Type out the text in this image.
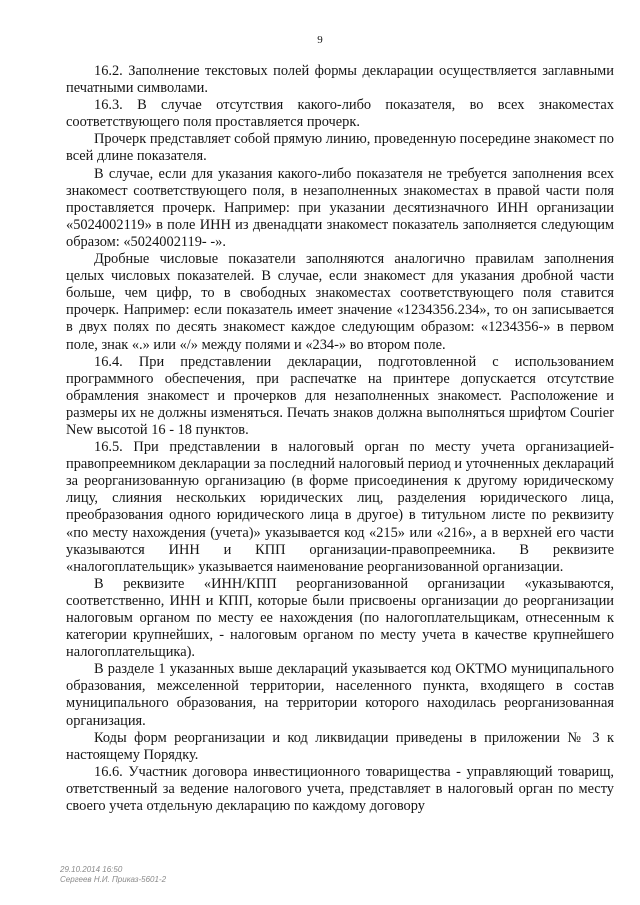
9

16.2. Заполнение текстовых полей формы декларации осуществляется заглавными печатными символами.

16.3. В случае отсутствия какого-либо показателя, во всех знакоместах соответствующего поля проставляется прочерк.

Прочерк представляет собой прямую линию, проведенную посередине знакомест по всей длине показателя.

В случае, если для указания какого-либо показателя не требуется заполнения всех знакомест соответствующего поля, в незаполненных знакоместах в правой части поля проставляется прочерк. Например: при указании десятизначного ИНН организации «5024002119» в поле ИНН из двенадцати знакомест показатель заполняется следующим образом: «5024002119- -».

Дробные числовые показатели заполняются аналогично правилам заполнения целых числовых показателей. В случае, если знакомест для указания дробной части больше, чем цифр, то в свободных знакоместах соответствующего поля ставится прочерк. Например: если показатель имеет значение «1234356.234», то он записывается в двух полях по десять знакомест каждое следующим образом: «1234356-» в первом поле, знак «.» или «/» между полями и «234-» во втором поле.

16.4. При представлении декларации, подготовленной с использованием программного обеспечения, при распечатке на принтере допускается отсутствие обрамления знакомест и прочерков для незаполненных знакомест. Расположение и размеры их не должны изменяться. Печать знаков должна выполняться шрифтом Courier New высотой 16 - 18 пунктов.

16.5. При представлении в налоговый орган по месту учета организацией-правопреемником декларации за последний налоговый период и уточненных деклараций за реорганизованную организацию (в форме присоединения к другому юридическому лицу, слияния нескольких юридических лиц, разделения юридического лица, преобразования одного юридического лица в другое) в титульном листе по реквизиту «по месту нахождения (учета)» указывается код «215» или «216», а в верхней его части указываются ИНН и КПП организации-правопреемника. В реквизите «налогоплательщик» указывается наименование реорганизованной организации.

В реквизите «ИНН/КПП реорганизованной организации «указываются, соответственно, ИНН и КПП, которые были присвоены организации до реорганизации налоговым органом по месту ее нахождения (по налогоплательщикам, отнесенным к категории крупнейших, - налоговым органом по месту учета в качестве крупнейшего налогоплательщика).

В разделе 1 указанных выше деклараций указывается код ОКТМО муниципального образования, межселенной территории, населенного пункта, входящего в состав муниципального образования, на территории которого находилась реорганизованная организация.

Коды форм реорганизации и код ликвидации приведены в приложении № 3 к настоящему Порядку.

16.6. Участник договора инвестиционного товарищества - управляющий товарищ, ответственный за ведение налогового учета, представляет в налоговый орган по месту своего учета отдельную декларацию по каждому договору

29.10.2014 16:50
Сергеев Н.И. Приказ-5601-2
